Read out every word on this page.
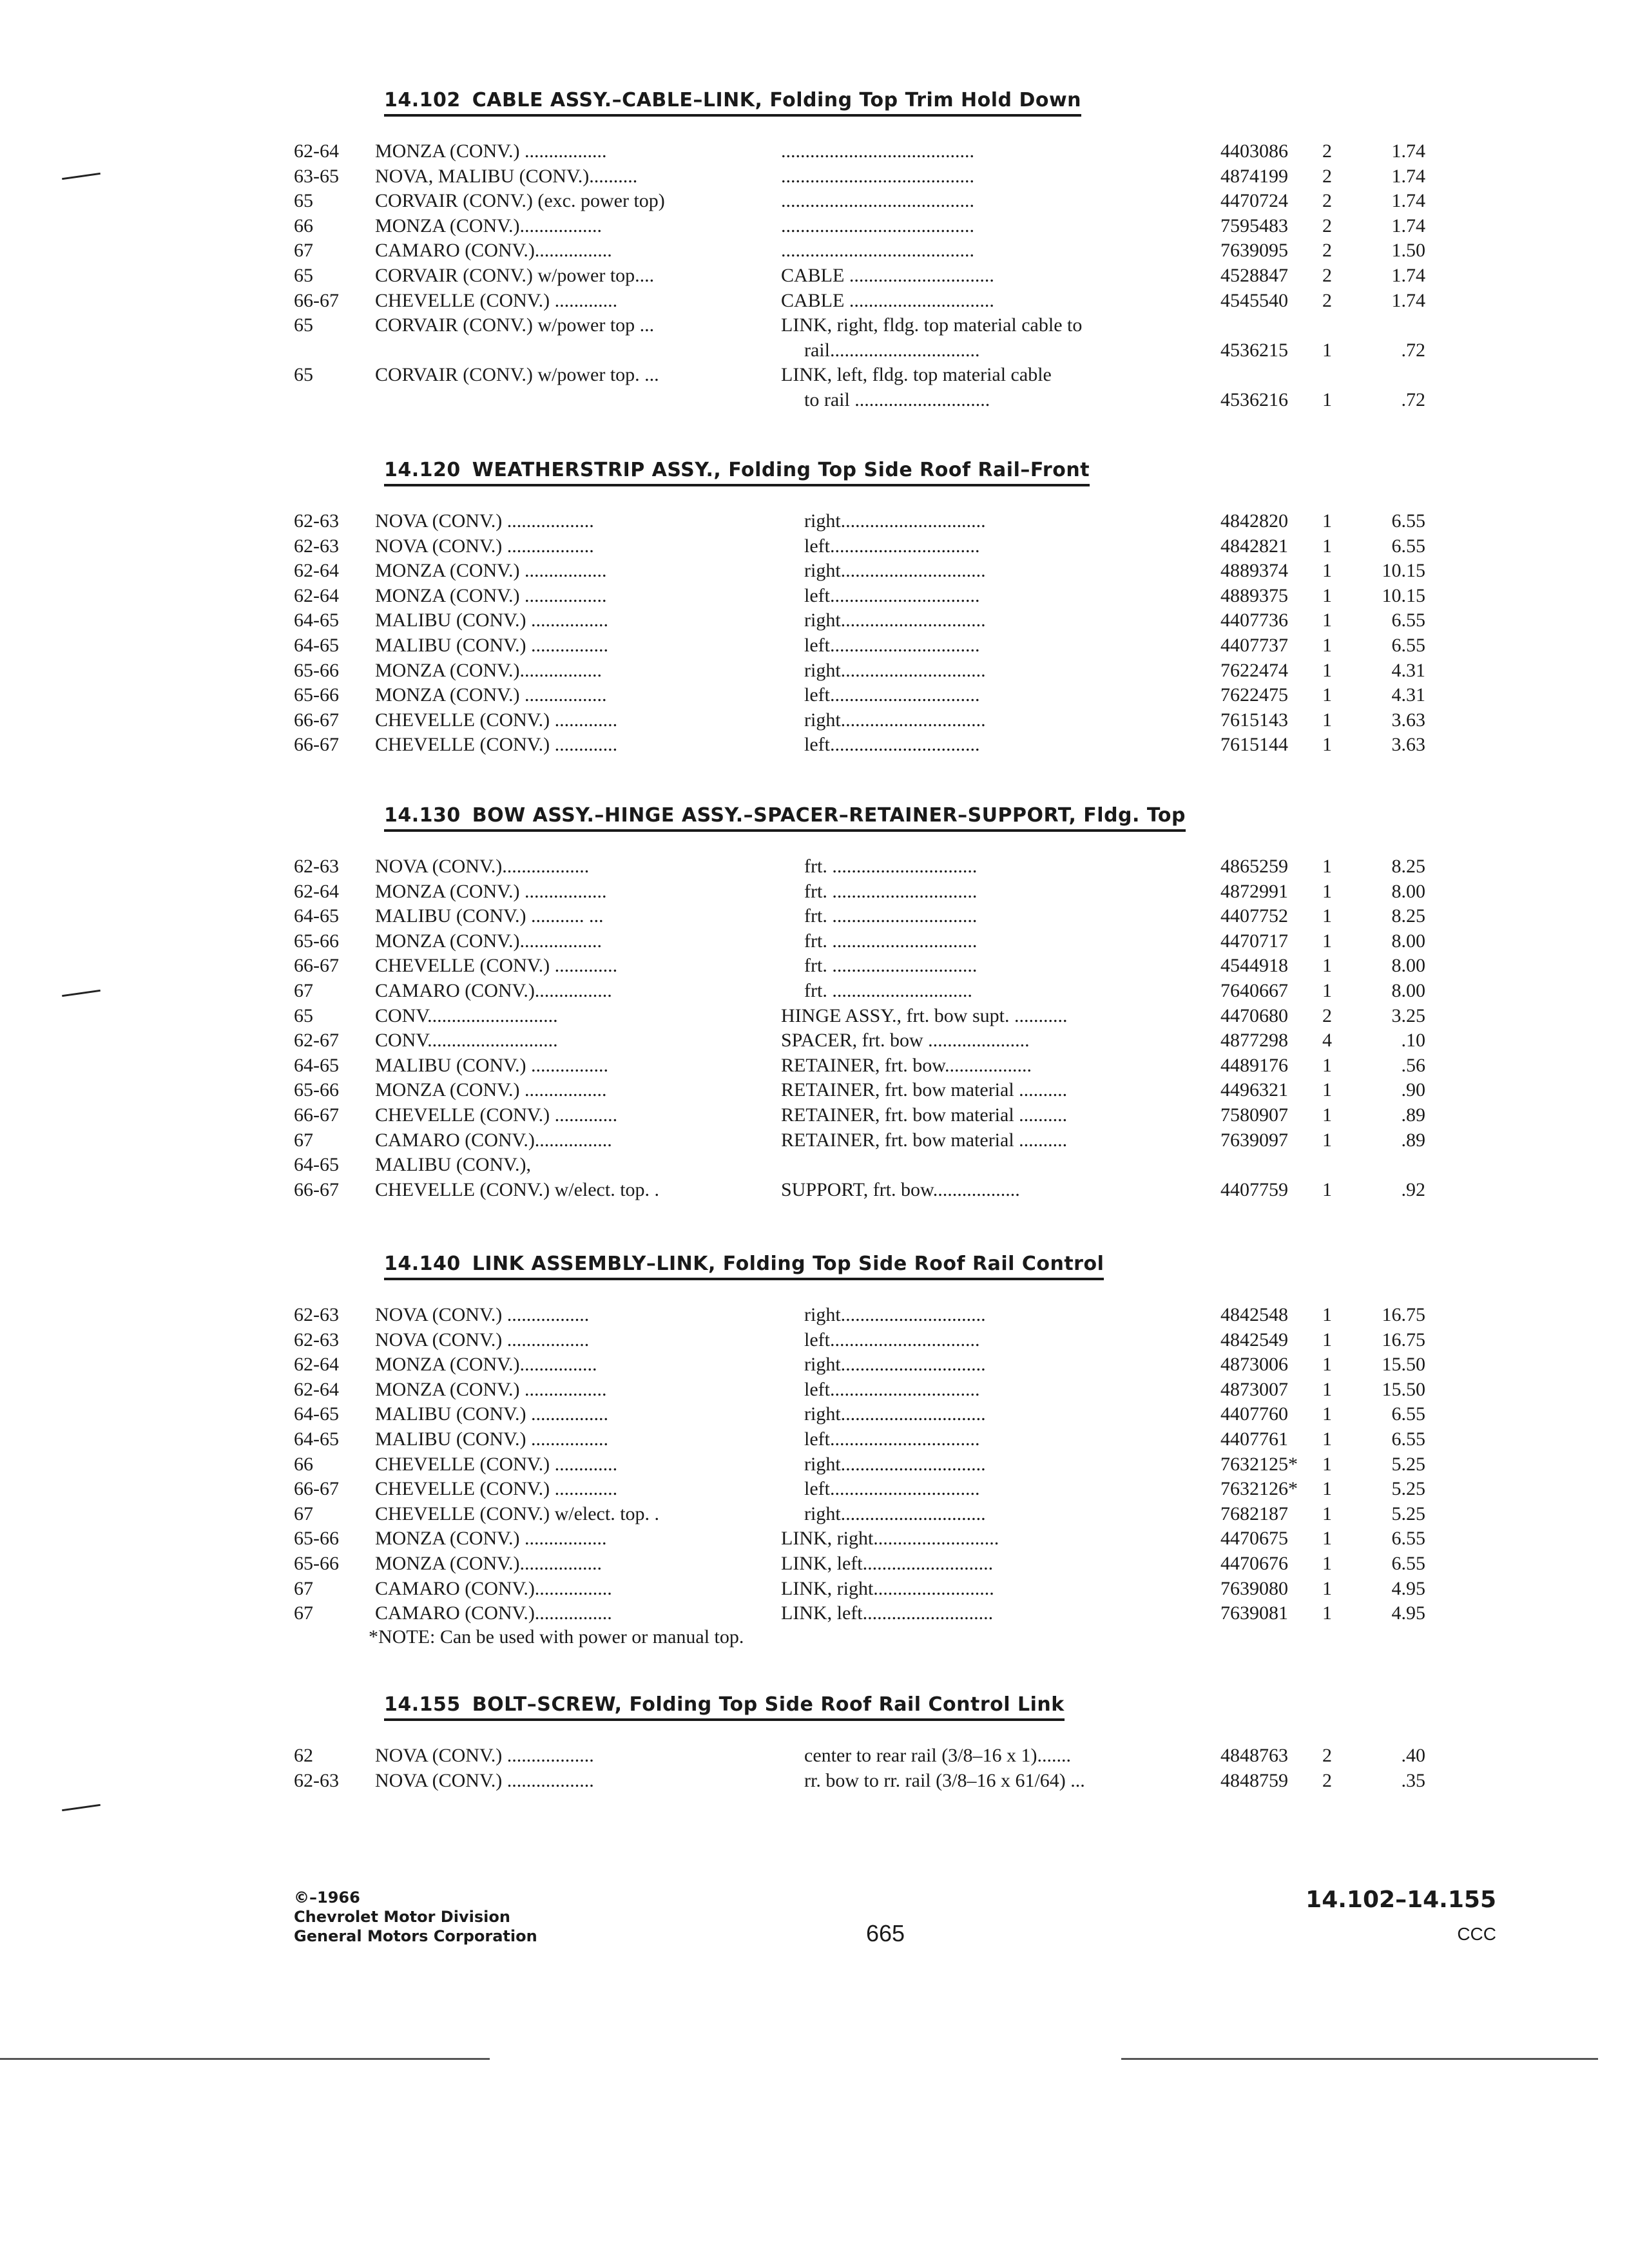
14.102 CABLE ASSY.–CABLE–LINK, Folding Top Trim Hold Down
62-64 MONZA (CONV.) .................	........................................	4403086 2	1.74
63-65 NOVA, MALIBU (CONV.)..........	........................................	4874199 2	1.74
65	CORVAIR (CONV.) (exc. power top)	........................................	4470724 2	1.74
66	MONZA (CONV.).................	........................................	7595483 2	1.74
67	CAMARO (CONV.)................	........................................	7639095 2	1.50
65	CORVAIR (CONV.) w/power top....	CABLE ..............................	4528847 2	1.74
66-67 CHEVELLE (CONV.) .............	CABLE ..............................	4545540 2	1.74
65	CORVAIR (CONV.) w/power top ...	LINK, right, fldg. top material cable to
rail...............................	4536215 1	.72
65	CORVAIR (CONV.) w/power top. ...	LINK, left, fldg. top material cable
to rail ............................	4536216 1	.72
14.120 WEATHERSTRIP ASSY., Folding Top Side Roof Rail–Front
62-63 NOVA (CONV.) ..................	right..............................	4842820 1	6.55
62-63 NOVA (CONV.) ..................	left...............................	4842821 1	6.55
62-64 MONZA (CONV.) .................	right..............................	4889374 1	10.15
62-64 MONZA (CONV.) .................	left...............................	4889375 1	10.15
64-65 MALIBU (CONV.) ................	right..............................	4407736 1	6.55
64-65 MALIBU (CONV.) ................	left...............................	4407737 1	6.55
65-66 MONZA (CONV.).................	right..............................	7622474 1	4.31
65-66 MONZA (CONV.) .................	left...............................	7622475 1	4.31
66-67 CHEVELLE (CONV.) .............	right..............................	7615143 1	3.63
66-67 CHEVELLE (CONV.) .............	left...............................	7615144 1	3.63
14.130 BOW ASSY.–HINGE ASSY.–SPACER–RETAINER–SUPPORT, Fldg. Top
62-63 NOVA (CONV.)..................	frt. ..............................	4865259 1	8.25
62-64 MONZA (CONV.) .................	frt. ..............................	4872991 1	8.00
64-65 MALIBU (CONV.) ........... ...	frt. ..............................	4407752 1	8.25
65-66 MONZA (CONV.).................	frt. ..............................	4470717 1	8.00
66-67 CHEVELLE (CONV.) .............	frt. ..............................	4544918 1	8.00
67	CAMARO (CONV.)................	frt. .............................	7640667 1	8.00
65	CONV...........................	HINGE ASSY., frt. bow supt. ...........	4470680 2	3.25
62-67 CONV...........................	SPACER, frt. bow .....................	4877298 4	.10
64-65 MALIBU (CONV.) ................	RETAINER, frt. bow..................	4489176 1	.56
65-66 MONZA (CONV.) .................	RETAINER, frt. bow material ..........	4496321 1	.90
66-67 CHEVELLE (CONV.) .............	RETAINER, frt. bow material ..........	7580907 1	.89
67	CAMARO (CONV.)................	RETAINER, frt. bow material ..........	7639097 1	.89
64-65 MALIBU (CONV.),
66-67 CHEVELLE (CONV.) w/elect. top. .	SUPPORT, frt. bow..................	4407759 1	.92
14.140 LINK ASSEMBLY–LINK, Folding Top Side Roof Rail Control
62-63 NOVA (CONV.) .................	right..............................	4842548 1	16.75
62-63 NOVA (CONV.) .................	left...............................	4842549 1	16.75
62-64 MONZA (CONV.)................	right..............................	4873006 1	15.50
62-64 MONZA (CONV.) .................	left...............................	4873007 1	15.50
64-65 MALIBU (CONV.) ................	right..............................	4407760 1	6.55
64-65 MALIBU (CONV.) ................	left...............................	4407761 1	6.55
66	CHEVELLE (CONV.) .............	right..............................	7632125* 1	5.25
66-67 CHEVELLE (CONV.) .............	left...............................	7632126* 1	5.25
67	CHEVELLE (CONV.) w/elect. top. .	right..............................	7682187 1	5.25
65-66 MONZA (CONV.) .................	LINK, right..........................	4470675 1	6.55
65-66 MONZA (CONV.).................	LINK, left...........................	4470676 1	6.55
67	CAMARO (CONV.)................	LINK, right.........................	7639080 1	4.95
67	CAMARO (CONV.)................	LINK, left...........................	7639081 1	4.95
*NOTE: Can be used with power or manual top.
14.155 BOLT–SCREW, Folding Top Side Roof Rail Control Link
62	NOVA (CONV.) ..................	center to rear rail (3/8–16 x 1).......	4848763 2	.40
62-63 NOVA (CONV.) ..................	rr. bow to rr. rail (3/8–16 x 61/64) ...	4848759 2	.35
©–1966
Chevrolet Motor Division
General Motors Corporation	665
14.102–14.155
CCC
